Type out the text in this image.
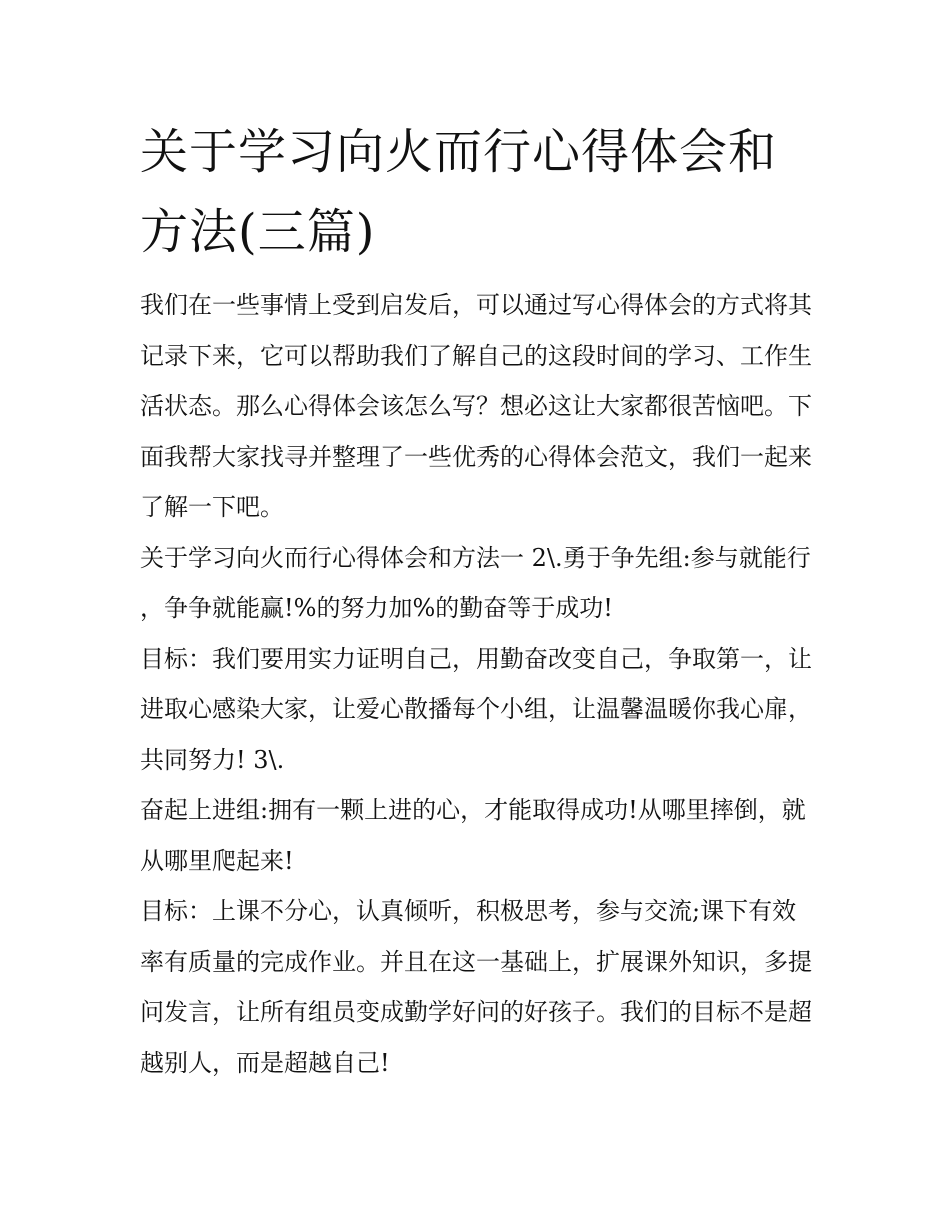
关于学习向火而行心得体会和方法(三篇)

我们在一些事情上受到启发后，可以通过写心得体会的方式将其记录下来，它可以帮助我们了解自己的这段时间的学习、工作生活状态。那么心得体会该怎么写？想必这让大家都很苦恼吧。下面我帮大家找寻并整理了一些优秀的心得体会范文，我们一起来了解一下吧。

关于学习向火而行心得体会和方法一 2\.勇于争先组:参与就能行 ，争争就能赢!%的努力加%的勤奋等于成功!

目标：我们要用实力证明自己，用勤奋改变自己，争取第一，让进取心感染大家，让爱心散播每个小组，让温馨温暖你我心扉，共同努力! 3\.

奋起上进组:拥有一颗上进的心，才能取得成功!从哪里摔倒，就从哪里爬起来!

目标：上课不分心，认真倾听，积极思考，参与交流;课下有效率有质量的完成作业。并且在这一基础上，扩展课外知识，多提问发言，让所有组员变成勤学好问的好孩子。我们的目标不是超越别人，而是超越自己!
